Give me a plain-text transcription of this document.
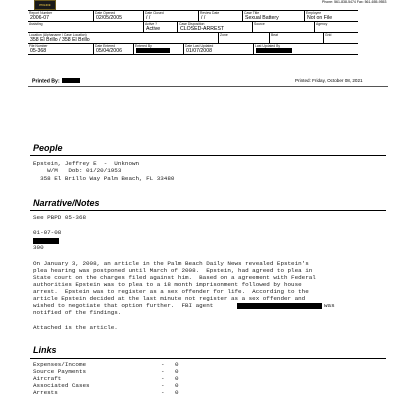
POLICE
Phone: 561-838-5474 Fax: 561-655-9553
Report Number
2006-07
Date Opened
02/05/2005
Date Closed
/ /
Review Date
/ /
Case Title
Sexual Battery
Employee
Not on File
Assisting	Active ?
Active
Case Disposition
CLOSED-ARREST
Source	Agency
Location (Alphaname / Case Location)
358 El Brillo / 358 El Brillo
Zone	Beat	Grid
File Number
05-368
Date Entered
05/04/2006
Entered By	Date Last Updated
01/07/2008
Last Updated By
Printed By:	Printed: Friday, October 08, 2021
People
Epstein, Jeffrey E  -  Unknown
W/M   Dob: 01/20/1953
358 El Brillo Way Palm Beach, FL 33480
Narrative/Notes
See PBPD 05-368
01-07-08
300
On January 3, 2008, an article in the Palm Beach Daily News revealed Epstein's
plea hearing was postponed until March of 2008.  Epstein, had agreed to plea in
State court on the charges filed against him.  Based on a agreement with Federal
authorities Epstein was to plea to a 18 month imprisonment followed by house
arrest.  Epstein was to register as a sex offender for life.  According to the
article Epstein decided at the last minute not register as a sex offender and
wished to negotiate that option further.  FBI agent	was
notified of the findings.
Attached is the article.
Links
Expenses/Income	- 0
Source Payments	- 0
Aircraft	- 0
Associated Cases	- 0
Arrests	- 0
